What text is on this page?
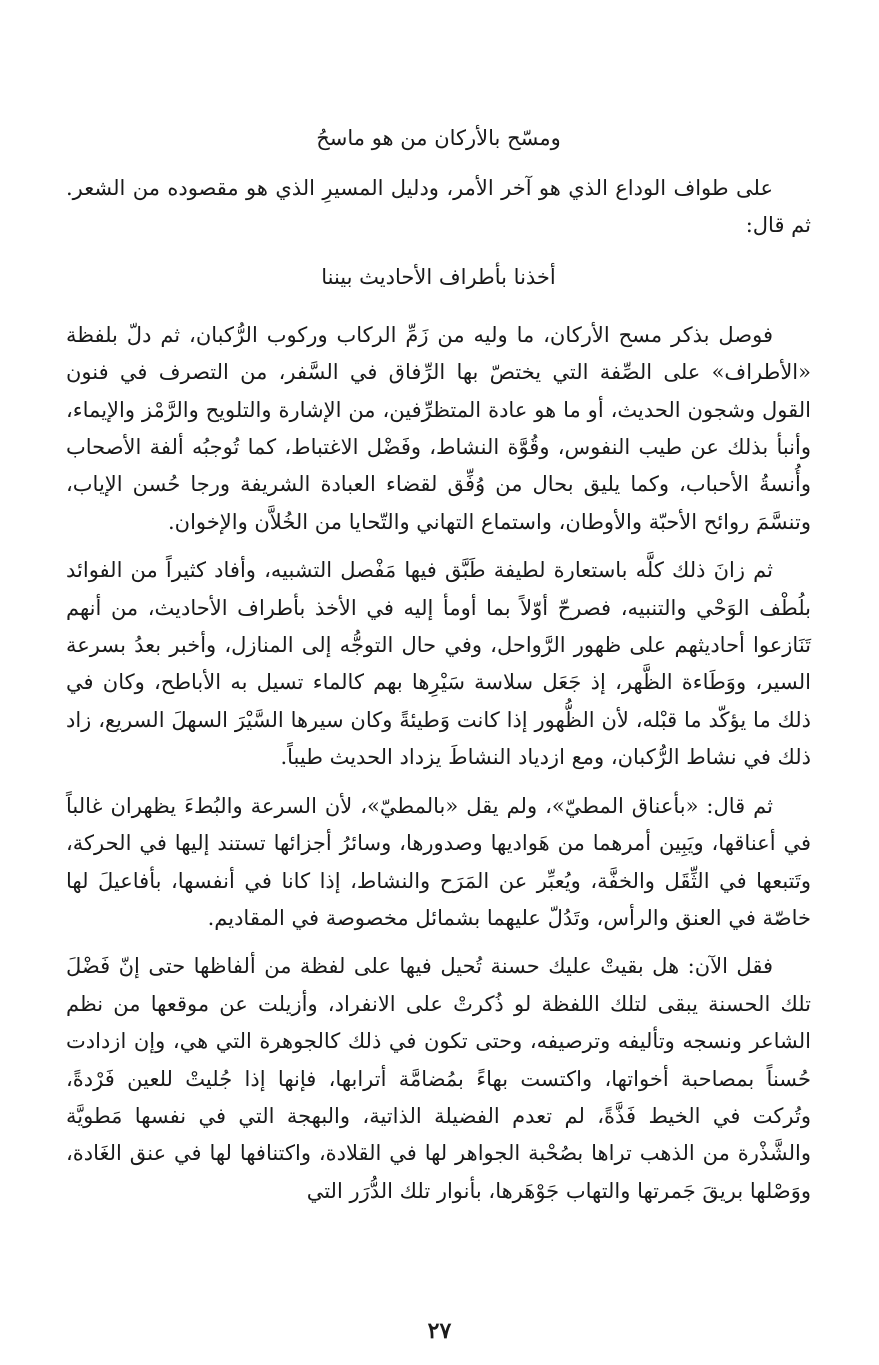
ومسّح بالأركان من هو ماسحُ

على طواف الوداع الذي هو آخر الأمر، ودليل المسيرِ الذي هو مقصوده من الشعر. ثم قال:

أخذنا بأطراف الأحاديث بيننا

فوصل بذكر مسح الأركان، ما وليه من زَمِّ الركاب وركوب الرُّكبان، ثم دلّ بلفظة «الأطراف» على الصِّفة التي يختصّ بها الرِّفاق في السَّفر، من التصرف في فنون القول وشجون الحديث، أو ما هو عادة المتظرِّفين، من الإشارة والتلويح والرَّمْز والإيماء، وأنبأ بذلك عن طيب النفوس، وقُوَّة النشاط، وفَضْل الاغتباط، كما تُوجبُه ألفة الأصحاب وأُنسةُ الأحباب، وكما يليق بحال من وُفِّق لقضاء العبادة الشريفة ورجا حُسن الإياب، وتنسَّمَ روائح الأحبّة والأوطان، واستماع التهاني والتّحايا من الخُلاَّن والإخوان.

ثم زانَ ذلك كلَّه باستعارة لطيفة طَبَّق فيها مَفْصل التشبيه، وأفاد كثيراً من الفوائد بلُطْف الوَحْي والتنبيه، فصرحّ أوّلاً بما أومأ إليه في الأخذ بأطراف الأحاديث، من أنهم تَنَازعوا أحاديثهم على ظهور الرَّواحل، وفي حال التوجُّه إلى المنازل، وأخبر بعدُ بسرعة السير، ووَطَاءة الظَّهر، إذ جَعَل سلاسة سَيْرِها بهم كالماء تسيل به الأباطح، وكان في ذلك ما يؤكّد ما قبْله، لأن الظُّهور إذا كانت وَطيئةً وكان سيرها السَّيْرَ السهلَ السريع، زاد ذلك في نشاط الرُّكبان، ومع ازدياد النشاطَ يزداد الحديث طيباً.

ثم قال: «بأعناق المطيّ»، ولم يقل «بالمطيّ»، لأن السرعة والبُطءَ يظهران غالباً في أعناقها، ويَبِين أمرهما من هَواديها وصدورها، وسائرُ أجزائها تستند إليها في الحركة، وتَتبعها في الثِّقَل والخفَّة، ويُعبِّر عن المَرَح والنشاط، إذا كانا في أنفسها، بأفاعيلَ لها خاصّة في العنق والرأس، وتَدُلّ عليهما بشمائل مخصوصة في المقاديم.

فقل الآن: هل بقيتْ عليك حسنة تُحيل فيها على لفظة من ألفاظها حتى إنّ فَضْلَ تلك الحسنة يبقى لتلك اللفظة لو ذُكرتْ على الانفراد، وأزيلت عن موقعها من نظم الشاعر ونسجه وتأليفه وترصيفه، وحتى تكون في ذلك كالجوهرة التي هي، وإن ازدادت حُسناً بمصاحبة أخواتها، واكتست بهاءً بمُضامَّة أترابها، فإنها إذا جُليتْ للعين فَرْدةً، وتُركت في الخيط فَذَّةً، لم تعدم الفضيلة الذاتية، والبهجة التي في نفسها مَطويَّة والشَّذْرة من الذهب تراها بصُحْبة الجواهر لها في القلادة، واكتنافها لها في عنق الغَادة، ووَصْلها بريقَ جَمرتها والتهاب جَوْهَرها، بأنوار تلك الدُّرَر التي

٢٧
